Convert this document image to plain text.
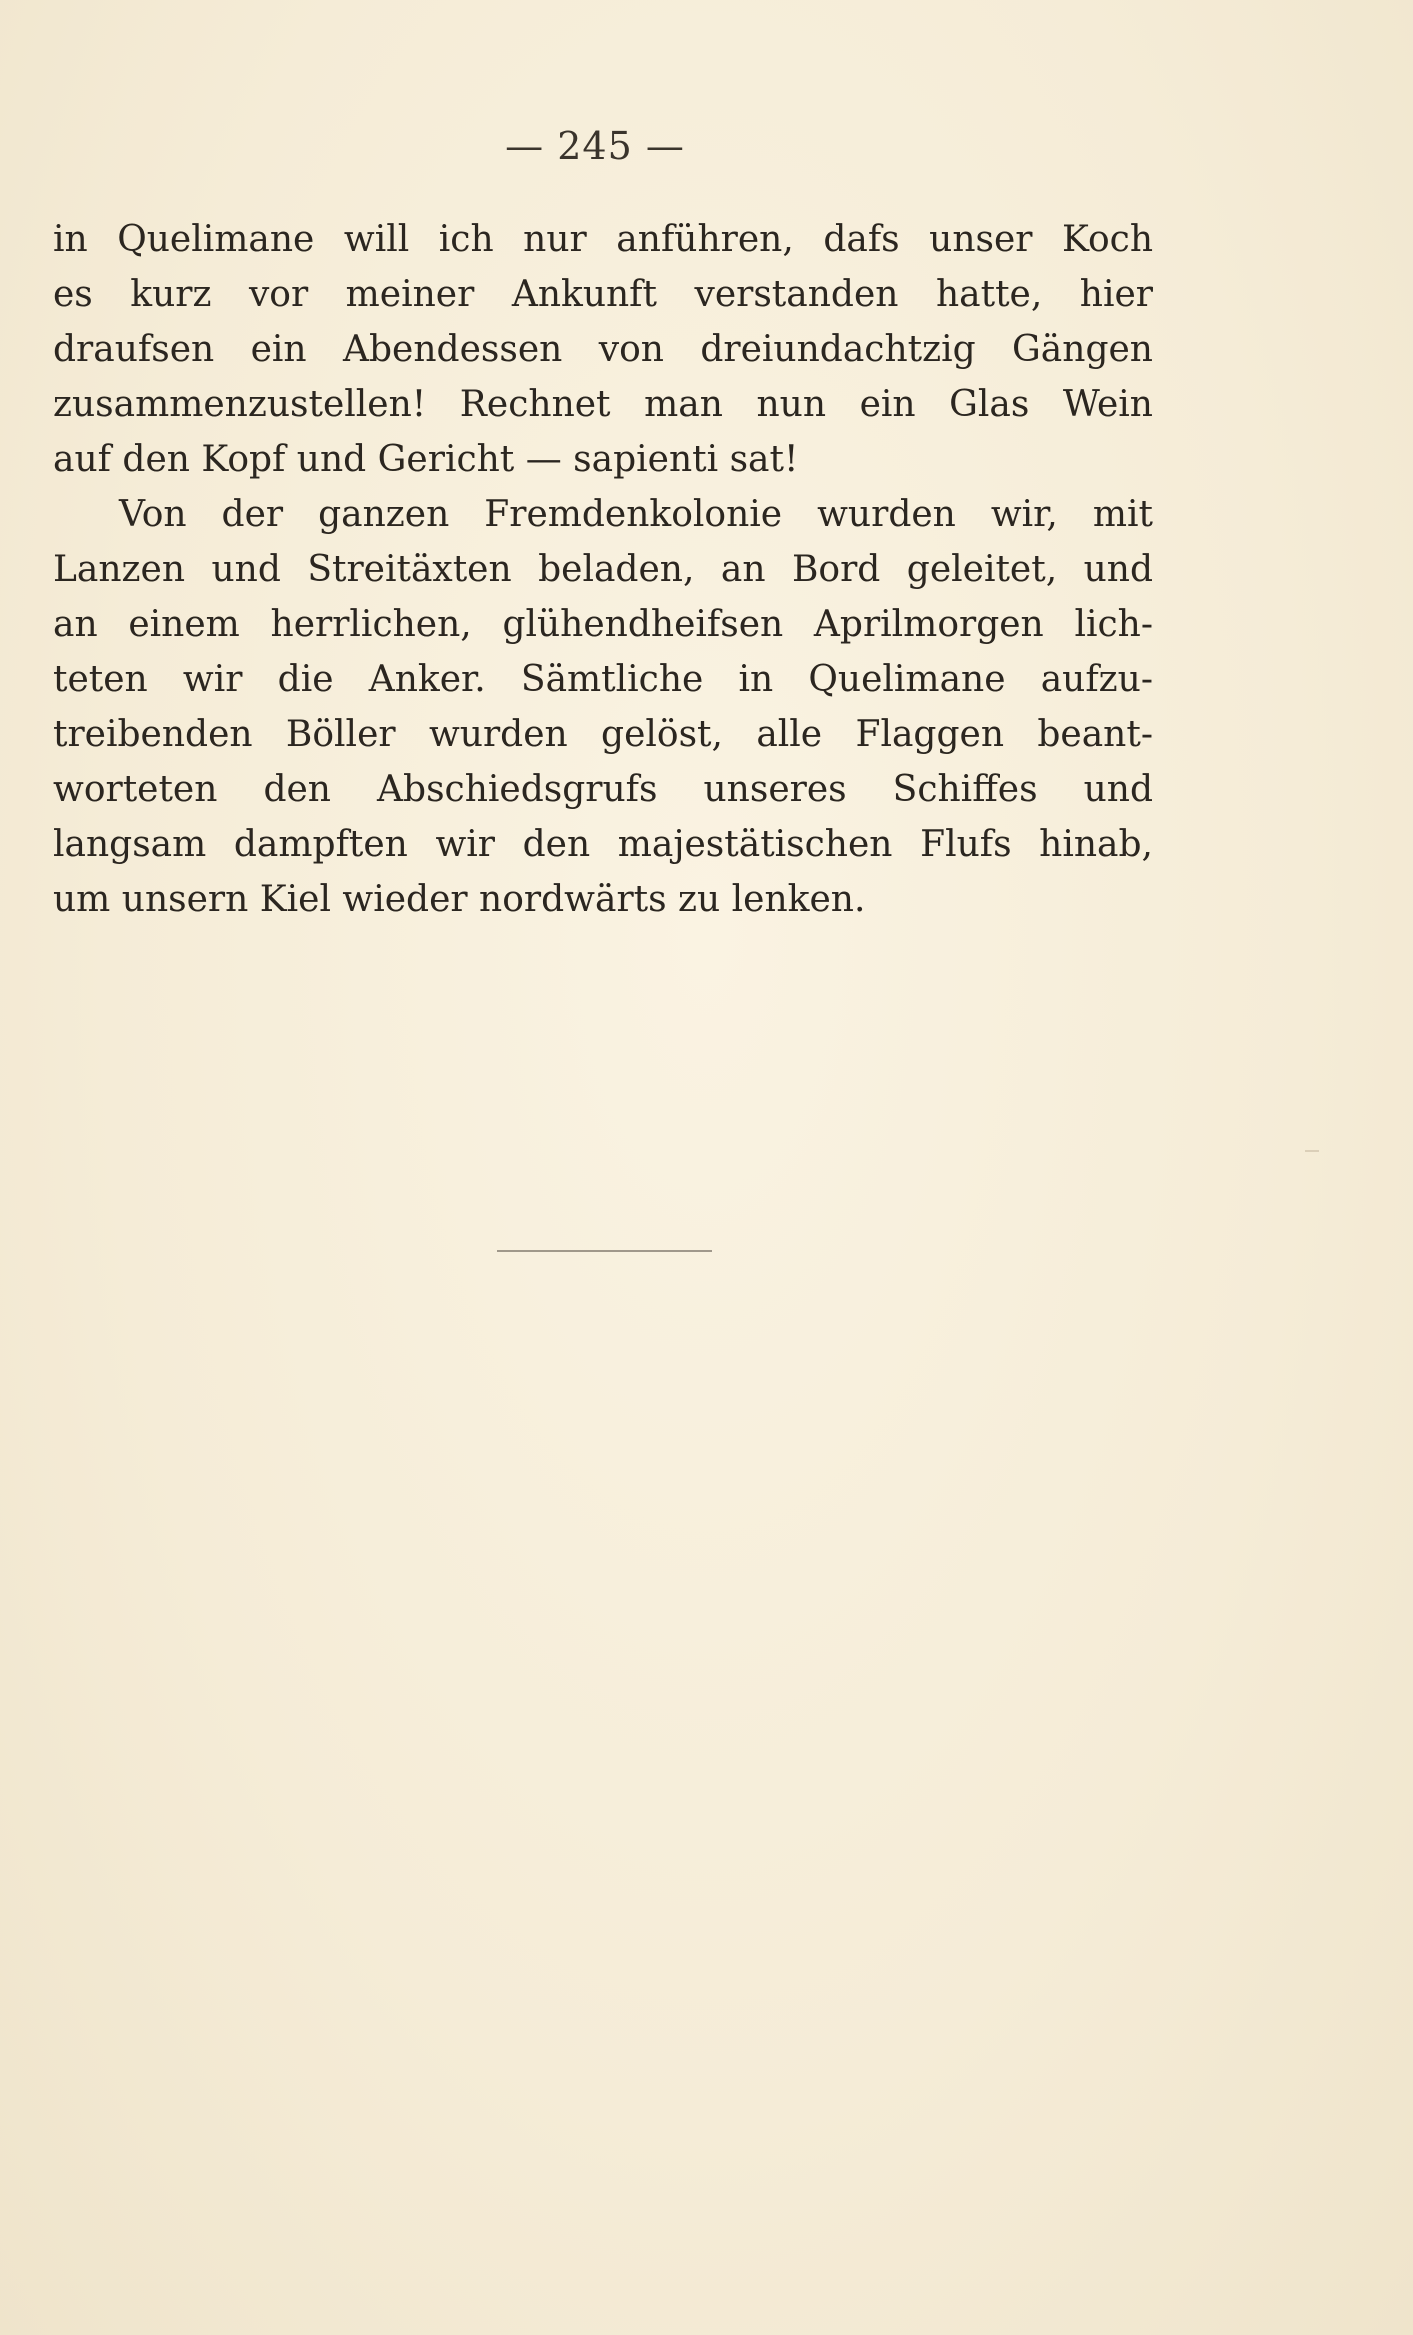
— 245 —
in Quelimane will ich nur anführen, dafs unser Koch
es kurz vor meiner Ankunft verstanden hatte, hier
draufsen ein Abendessen von dreiundachtzig Gängen
zusammenzustellen! Rechnet man nun ein Glas Wein
auf den Kopf und Gericht — sapienti sat!
Von der ganzen Fremdenkolonie wurden wir, mit
Lanzen und Streitäxten beladen, an Bord geleitet, und
an einem herrlichen, glühendheifsen Aprilmorgen lich-
teten wir die Anker. Sämtliche in Quelimane aufzu-
treibenden Böller wurden gelöst, alle Flaggen beant-
worteten den Abschiedsgrufs unseres Schiffes und
langsam dampften wir den majestätischen Flufs hinab,
um unsern Kiel wieder nordwärts zu lenken.
